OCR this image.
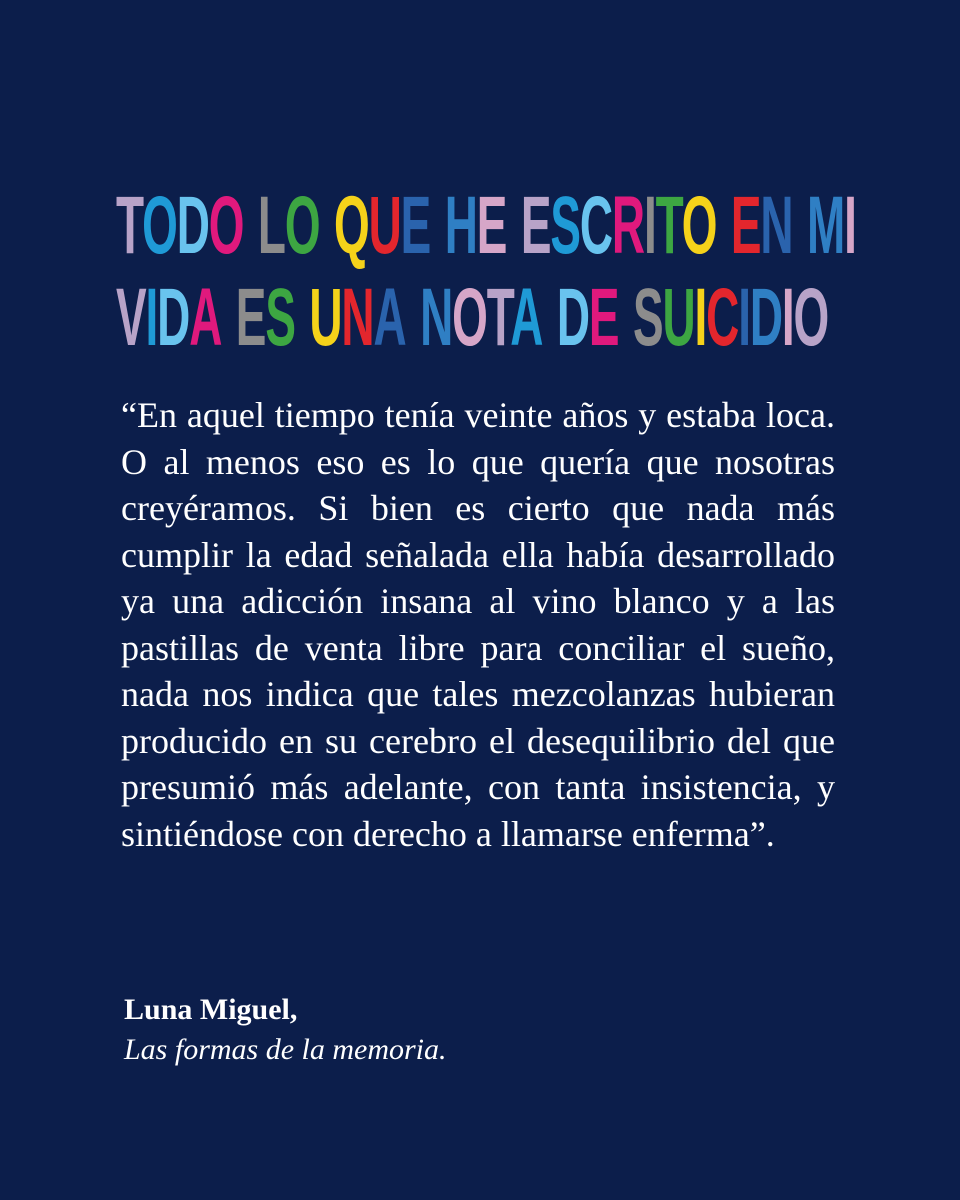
TODO LO QUE HE ESCRITO EN MI
VIDA ES UNA NOTA DE SUICIDIO

“En aquel tiempo tenía veinte años y estaba loca. O al menos eso es lo que quería que nosotras creyéramos. Si bien es cierto que nada más cumplir la edad señalada ella había desarrollado ya una adicción insana al vino blanco y a las pastillas de venta libre para conciliar el sueño, nada nos indica que tales mezcolanzas hubieran producido en su cerebro el desequilibrio del que presumió más adelante, con tanta insistencia, y sintiéndose con derecho a llamarse enferma”.

Luna Miguel,
Las formas de la memoria.
